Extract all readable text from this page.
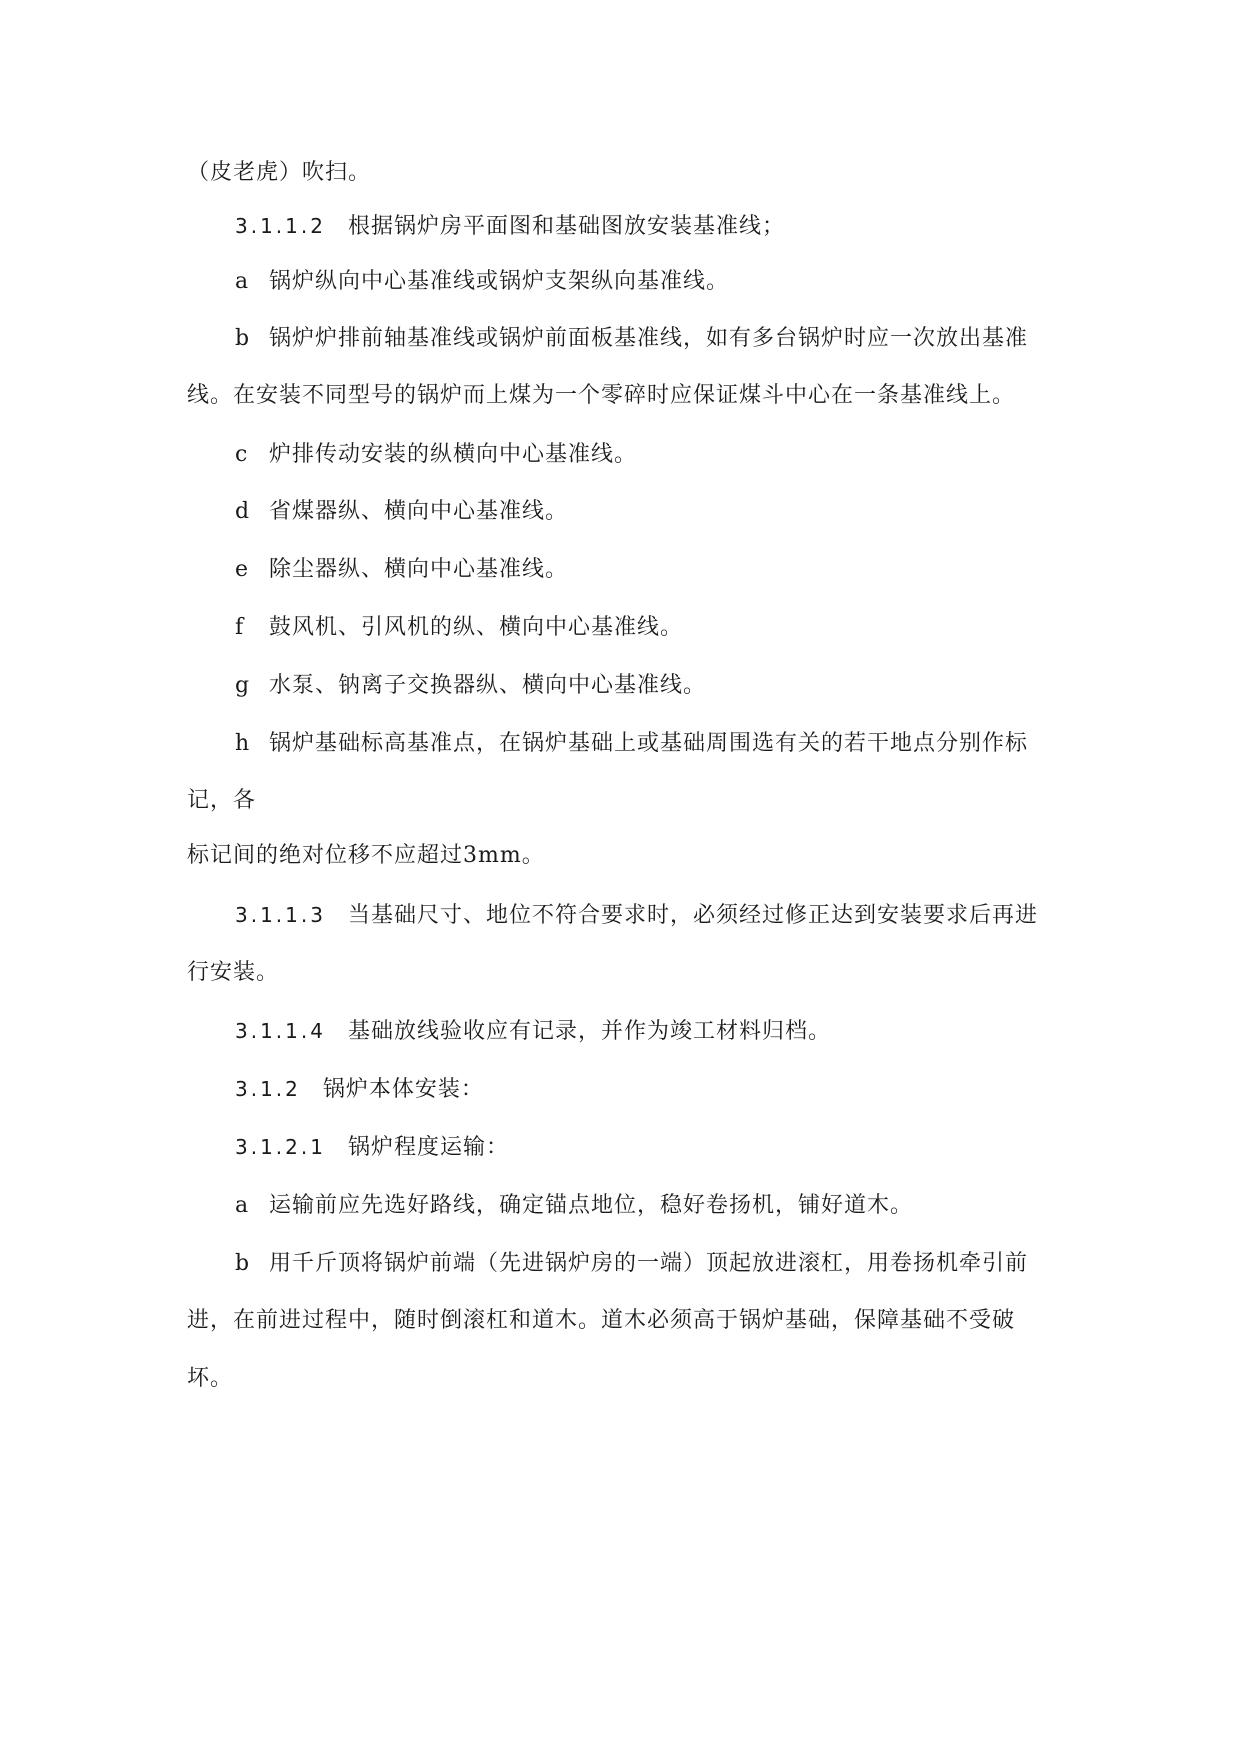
（皮老虎）吹扫。
3.1.1.2 根据锅炉房平面图和基础图放安装基准线；
a 锅炉纵向中心基准线或锅炉支架纵向基准线。
b 锅炉炉排前轴基准线或锅炉前面板基准线，如有多台锅炉时应一次放出基准
线。在安装不同型号的锅炉而上煤为一个零碎时应保证煤斗中心在一条基准线上。
c 炉排传动安装的纵横向中心基准线。
d 省煤器纵、横向中心基准线。
e 除尘器纵、横向中心基准线。
f 鼓风机、引风机的纵、横向中心基准线。
g 水泵、钠离子交换器纵、横向中心基准线。
h 锅炉基础标高基准点，在锅炉基础上或基础周围选有关的若干地点分别作标
记，各
标记间的绝对位移不应超过3mm。
3.1.1.3 当基础尺寸、地位不符合要求时，必须经过修正达到安装要求后再进
行安装。
3.1.1.4 基础放线验收应有记录，并作为竣工材料归档。
3.1.2 锅炉本体安装：
3.1.2.1 锅炉程度运输：
a 运输前应先选好路线，确定锚点地位，稳好卷扬机，铺好道木。
b 用千斤顶将锅炉前端（先进锅炉房的一端）顶起放进滚杠，用卷扬机牵引前
进，在前进过程中，随时倒滚杠和道木。道木必须高于锅炉基础，保障基础不受破
坏。
